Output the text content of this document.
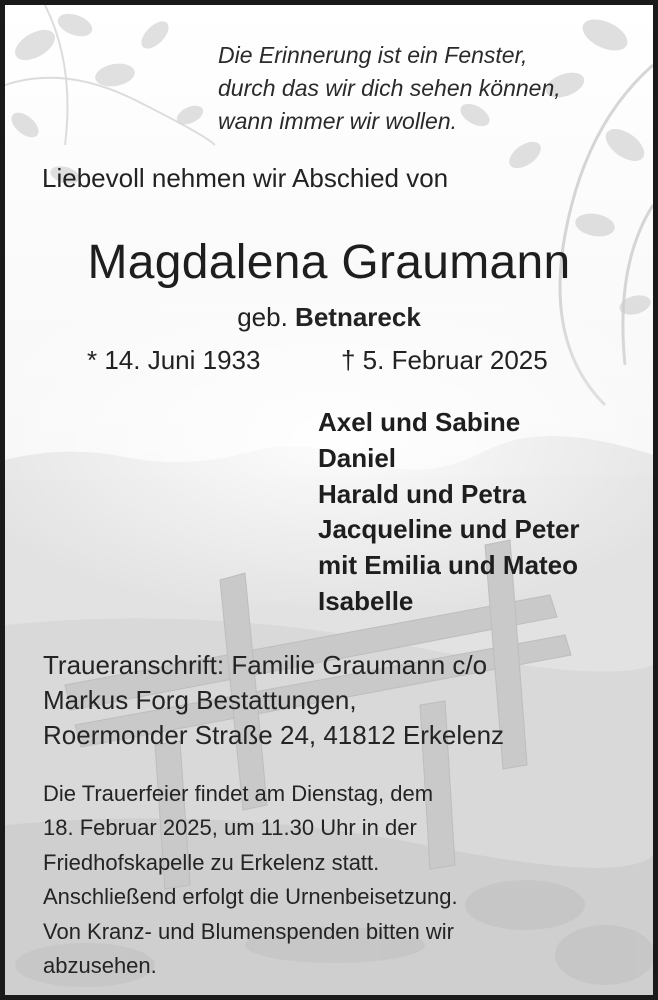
Die Erinnerung ist ein Fenster,
durch das wir dich sehen können,
wann immer wir wollen.
Liebevoll nehmen wir Abschied von
Magdalena Graumann
geb. Betnareck
* 14. Juni 1933	† 5. Februar 2025
Axel und Sabine
Daniel
Harald und Petra
Jacqueline und Peter
mit Emilia und Mateo
Isabelle
Traueranschrift: Familie Graumann c/o
Markus Forg Bestattungen,
Roermonder Straße 24, 41812 Erkelenz
Die Trauerfeier findet am Dienstag, dem
18. Februar 2025, um 11.30 Uhr in der
Friedhofskapelle zu Erkelenz statt.
Anschließend erfolgt die Urnenbeisetzung.
Von Kranz- und Blumenspenden bitten wir
abzusehen.
